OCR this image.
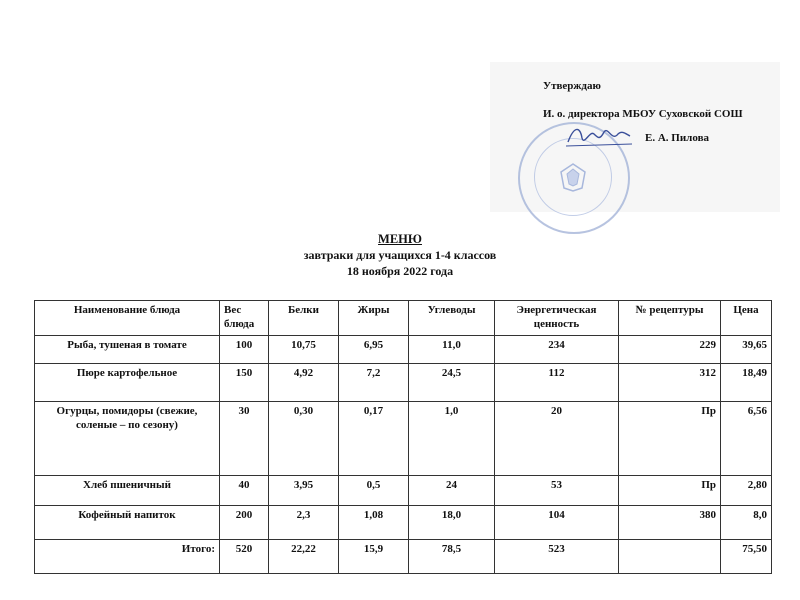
Утверждаю
И. о. директора МБОУ Суховской СОШ
Е. А. Пилова
МЕНЮ
завтраки для учащихся 1-4 классов
18 ноября 2022 года
Наименование блюда	Вес блюда	Белки	Жиры	Углеводы	Энергетическая ценность	№ рецептуры	Цена
Рыба, тушеная в томате	100	10,75	6,95	11,0	234	229	39,65
Пюре картофельное	150	4,92	7,2	24,5	112	312	18,49
Огурцы, помидоры (свежие, соленые – по сезону)	30	0,30	0,17	1,0	20	Пр	6,56
Хлеб пшеничный	40	3,95	0,5	24	53	Пр	2,80
Кофейный напиток	200	2,3	1,08	18,0	104	380	8,0
Итого:	520	22,22	15,9	78,5	523		75,50
